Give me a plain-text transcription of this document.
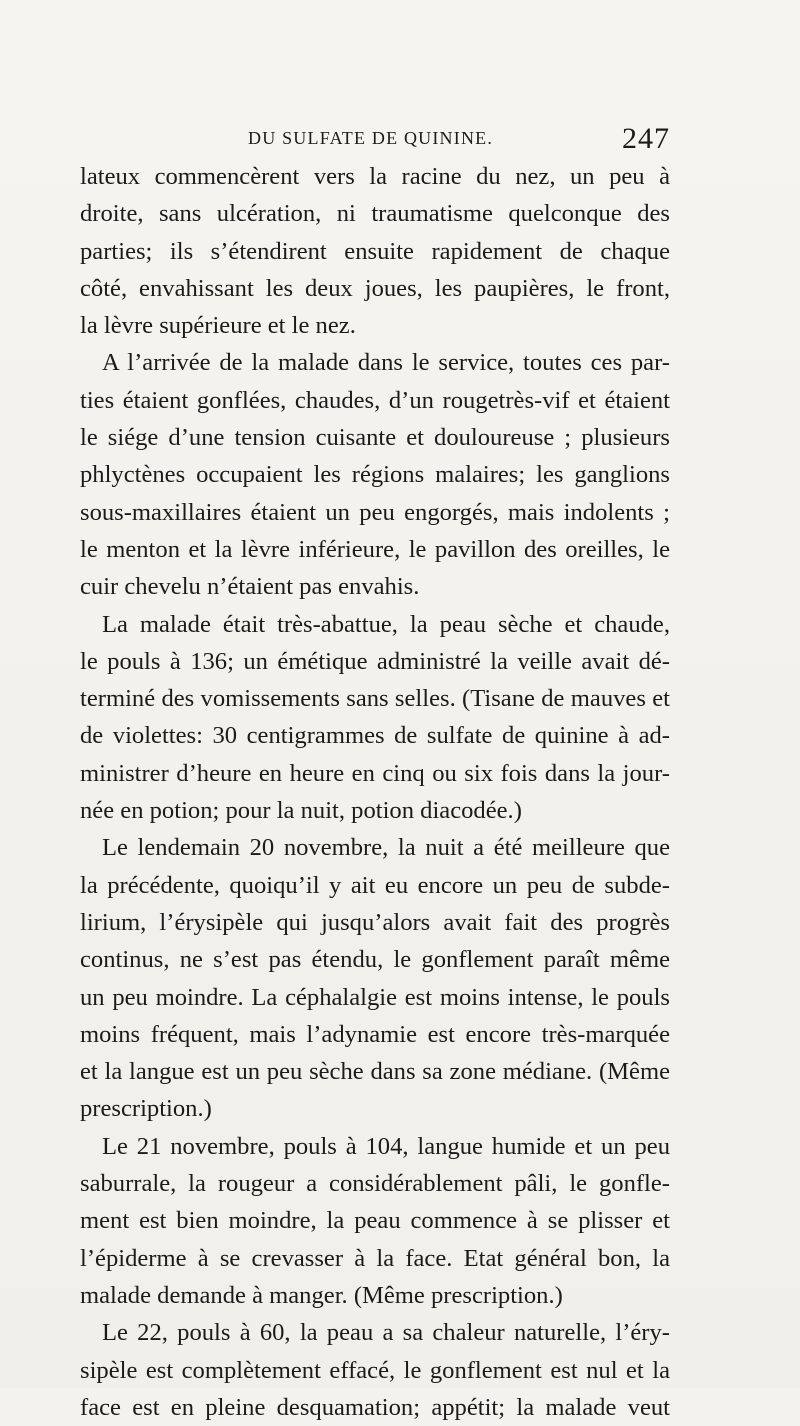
DU SULFATE DE QUININE.	247
lateux commencèrent vers la racine du nez, un peu à
droite, sans ulcération, ni traumatisme quelconque des
parties; ils s’étendirent ensuite rapidement de chaque
côté, envahissant les deux joues, les paupières, le front,
la lèvre supérieure et le nez.
A l’arrivée de la malade dans le service, toutes ces par-
ties étaient gonflées, chaudes, d’un rougetrès-vif et étaient
le siége d’une tension cuisante et douloureuse ; plusieurs
phlyctènes occupaient les régions malaires; les ganglions
sous-maxillaires étaient un peu engorgés, mais indolents ;
le menton et la lèvre inférieure, le pavillon des oreilles, le
cuir chevelu n’étaient pas envahis.
La malade était très-abattue, la peau sèche et chaude,
le pouls à 136; un émétique administré la veille avait dé-
terminé des vomissements sans selles. (Tisane de mauves et
de violettes: 30 centigrammes de sulfate de quinine à ad-
ministrer d’heure en heure en cinq ou six fois dans la jour-
née en potion; pour la nuit, potion diacodée.)
Le lendemain 20 novembre, la nuit a été meilleure que
la précédente, quoiqu’il y ait eu encore un peu de subde-
lirium, l’érysipèle qui jusqu’alors avait fait des progrès
continus, ne s’est pas étendu, le gonflement paraît même
un peu moindre. La céphalalgie est moins intense, le pouls
moins fréquent, mais l’adynamie est encore très-marquée
et la langue est un peu sèche dans sa zone médiane. (Même
prescription.)
Le 21 novembre, pouls à 104, langue humide et un peu
saburrale, la rougeur a considérablement pâli, le gonfle-
ment est bien moindre, la peau commence à se plisser et
l’épiderme à se crevasser à la face. Etat général bon, la
malade demande à manger. (Même prescription.)
Le 22, pouls à 60, la peau a sa chaleur naturelle, l’éry-
sipèle est complètement effacé, le gonflement est nul et la
face est en pleine desquamation; appétit; la malade veut
